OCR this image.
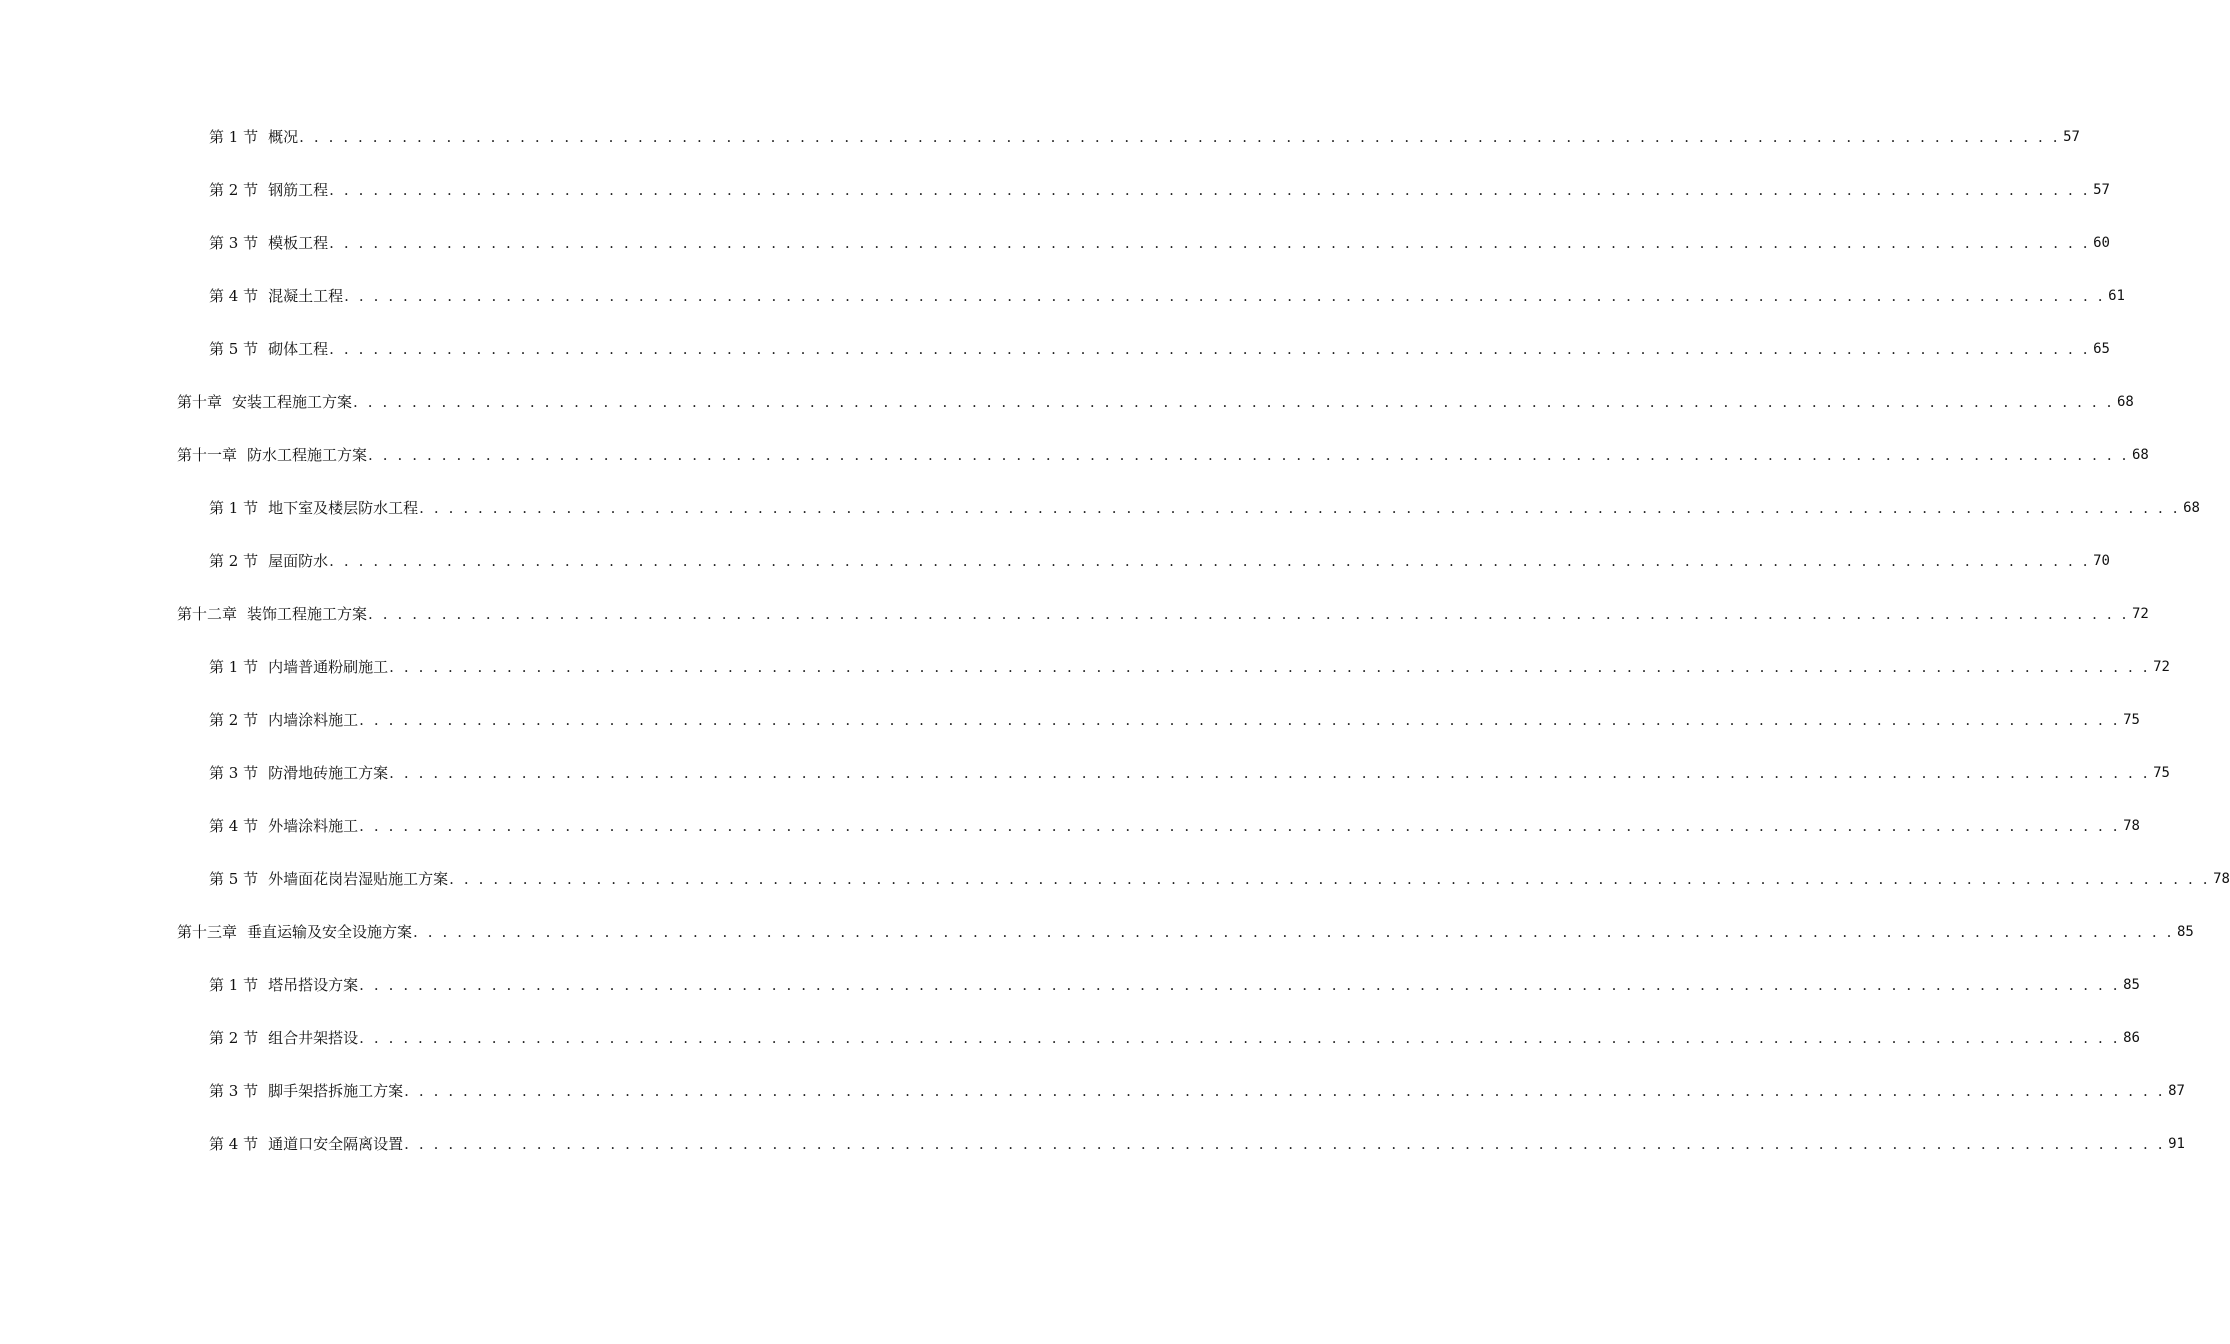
第 1 节 概况 . . . . . . . . . . . . . . . . . . . . . . . . . . . . . . . . . . . . . . . . . . . . . . . . . . . . . . . . . . . . . . . . . . . . . . . . . . . . . . . . . . . . . . . . . . . . . . . . . . . . . . . . . . . . . . . . . . . . . . . . 57
第 2 节 钢筋工程 . . . . . . . . . . . . . . . . . . . . . . . . . . . . . . . . . . . . . . . . . . . . . . . . . . . . . . . . . . . . . . . . . . . . . . . . . . . . . . . . . . . . . . . . . . . . . . . . . . . . . . . . . . . . . . . . . . . . . . . . 57
第 3 节 模板工程 . . . . . . . . . . . . . . . . . . . . . . . . . . . . . . . . . . . . . . . . . . . . . . . . . . . . . . . . . . . . . . . . . . . . . . . . . . . . . . . . . . . . . . . . . . . . . . . . . . . . . . . . . . . . . . . . . . . . . . . . 60
第 4 节 混凝土工程 . . . . . . . . . . . . . . . . . . . . . . . . . . . . . . . . . . . . . . . . . . . . . . . . . . . . . . . . . . . . . . . . . . . . . . . . . . . . . . . . . . . . . . . . . . . . . . . . . . . . . . . . . . . . . . . . . . . . . . . . 61
第 5 节 砌体工程 . . . . . . . . . . . . . . . . . . . . . . . . . . . . . . . . . . . . . . . . . . . . . . . . . . . . . . . . . . . . . . . . . . . . . . . . . . . . . . . . . . . . . . . . . . . . . . . . . . . . . . . . . . . . . . . . . . . . . . . . 65
第十章 安装工程施工方案 . . . . . . . . . . . . . . . . . . . . . . . . . . . . . . . . . . . . . . . . . . . . . . . . . . . . . . . . . . . . . . . . . . . . . . . . . . . . . . . . . . . . . . . . . . . . . . . . . . . . . . . . . . . . . . . . . . . . . . . . 68
第十一章 防水工程施工方案 . . . . . . . . . . . . . . . . . . . . . . . . . . . . . . . . . . . . . . . . . . . . . . . . . . . . . . . . . . . . . . . . . . . . . . . . . . . . . . . . . . . . . . . . . . . . . . . . . . . . . . . . . . . . . . . . . . . . . . . . 68
第 1 节 地下室及楼层防水工程 . . . . . . . . . . . . . . . . . . . . . . . . . . . . . . . . . . . . . . . . . . . . . . . . . . . . . . . . . . . . . . . . . . . . . . . . . . . . . . . . . . . . . . . . . . . . . . . . . . . . . . . . . . . . . . . . . . . . . . . . 68
第 2 节 屋面防水 . . . . . . . . . . . . . . . . . . . . . . . . . . . . . . . . . . . . . . . . . . . . . . . . . . . . . . . . . . . . . . . . . . . . . . . . . . . . . . . . . . . . . . . . . . . . . . . . . . . . . . . . . . . . . . . . . . . . . . . . 70
第十二章 装饰工程施工方案 . . . . . . . . . . . . . . . . . . . . . . . . . . . . . . . . . . . . . . . . . . . . . . . . . . . . . . . . . . . . . . . . . . . . . . . . . . . . . . . . . . . . . . . . . . . . . . . . . . . . . . . . . . . . . . . . . . . . . . . . 72
第 1 节 内墙普通粉刷施工 . . . . . . . . . . . . . . . . . . . . . . . . . . . . . . . . . . . . . . . . . . . . . . . . . . . . . . . . . . . . . . . . . . . . . . . . . . . . . . . . . . . . . . . . . . . . . . . . . . . . . . . . . . . . . . . . . . . . . . . . 72
第 2 节 内墙涂料施工 . . . . . . . . . . . . . . . . . . . . . . . . . . . . . . . . . . . . . . . . . . . . . . . . . . . . . . . . . . . . . . . . . . . . . . . . . . . . . . . . . . . . . . . . . . . . . . . . . . . . . . . . . . . . . . . . . . . . . . . . 75
第 3 节 防滑地砖施工方案 . . . . . . . . . . . . . . . . . . . . . . . . . . . . . . . . . . . . . . . . . . . . . . . . . . . . . . . . . . . . . . . . . . . . . . . . . . . . . . . . . . . . . . . . . . . . . . . . . . . . . . . . . . . . . . . . . . . . . . . . 75
第 4 节 外墙涂料施工 . . . . . . . . . . . . . . . . . . . . . . . . . . . . . . . . . . . . . . . . . . . . . . . . . . . . . . . . . . . . . . . . . . . . . . . . . . . . . . . . . . . . . . . . . . . . . . . . . . . . . . . . . . . . . . . . . . . . . . . . 78
第 5 节 外墙面花岗岩湿贴施工方案 . . . . . . . . . . . . . . . . . . . . . . . . . . . . . . . . . . . . . . . . . . . . . . . . . . . . . . . . . . . . . . . . . . . . . . . . . . . . . . . . . . . . . . . . . . . . . . . . . . . . . . . . . . . . . . . . . . . . . . . . 78
第十三章 垂直运输及安全设施方案 . . . . . . . . . . . . . . . . . . . . . . . . . . . . . . . . . . . . . . . . . . . . . . . . . . . . . . . . . . . . . . . . . . . . . . . . . . . . . . . . . . . . . . . . . . . . . . . . . . . . . . . . . . . . . . . . . . . . . . . . 85
第 1 节 塔吊搭设方案 . . . . . . . . . . . . . . . . . . . . . . . . . . . . . . . . . . . . . . . . . . . . . . . . . . . . . . . . . . . . . . . . . . . . . . . . . . . . . . . . . . . . . . . . . . . . . . . . . . . . . . . . . . . . . . . . . . . . . . . . 85
第 2 节 组合井架搭设 . . . . . . . . . . . . . . . . . . . . . . . . . . . . . . . . . . . . . . . . . . . . . . . . . . . . . . . . . . . . . . . . . . . . . . . . . . . . . . . . . . . . . . . . . . . . . . . . . . . . . . . . . . . . . . . . . . . . . . . . 86
第 3 节 脚手架搭拆施工方案 . . . . . . . . . . . . . . . . . . . . . . . . . . . . . . . . . . . . . . . . . . . . . . . . . . . . . . . . . . . . . . . . . . . . . . . . . . . . . . . . . . . . . . . . . . . . . . . . . . . . . . . . . . . . . . . . . . . . . . . . 87
第 4 节 通道口安全隔离设置 . . . . . . . . . . . . . . . . . . . . . . . . . . . . . . . . . . . . . . . . . . . . . . . . . . . . . . . . . . . . . . . . . . . . . . . . . . . . . . . . . . . . . . . . . . . . . . . . . . . . . . . . . . . . . . . . . . . . . . . . 91
